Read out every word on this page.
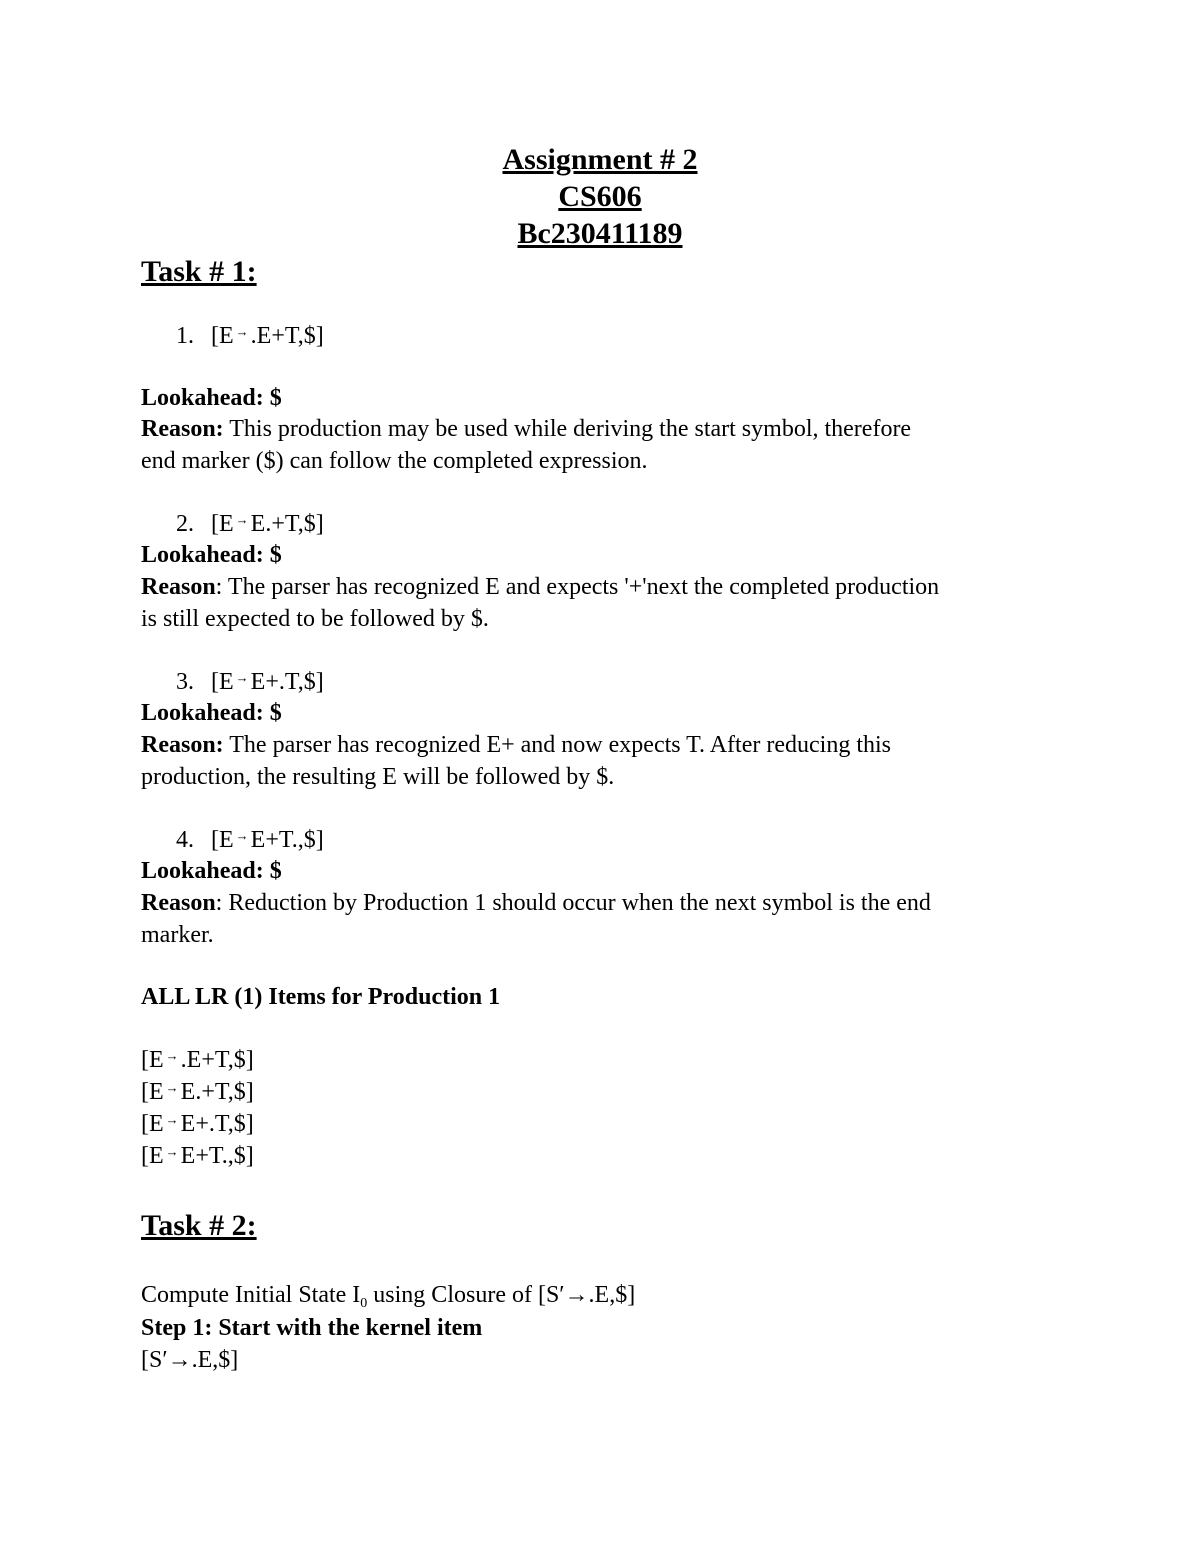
Assignment # 2
CS606
Bc230411189
Task # 1:
1. [E →.E+T,$]
Lookahead: $
Reason: This production may be used while deriving the start symbol, therefore
end marker ($) can follow the completed expression.
2. [E →E.+T,$]
Lookahead: $
Reason: The parser has recognized E and expects '+'next the completed production
is still expected to be followed by $.
3. [E →E+.T,$]
Lookahead: $
Reason: The parser has recognized E+ and now expects T. After reducing this
production, the resulting E will be followed by $.
4. [E →E+T.,$]
Lookahead: $
Reason: Reduction by Production 1 should occur when the next symbol is the end
marker.
ALL LR (1) Items for Production 1
[E →.E+T,$]
[E →E.+T,$]
[E →E+.T,$]
[E →E+T.,$]
Task # 2:
Compute Initial State $I_0$ using Closure of [S′→.E,$]
Step 1: Start with the kernel item
[S′→.E,$]
